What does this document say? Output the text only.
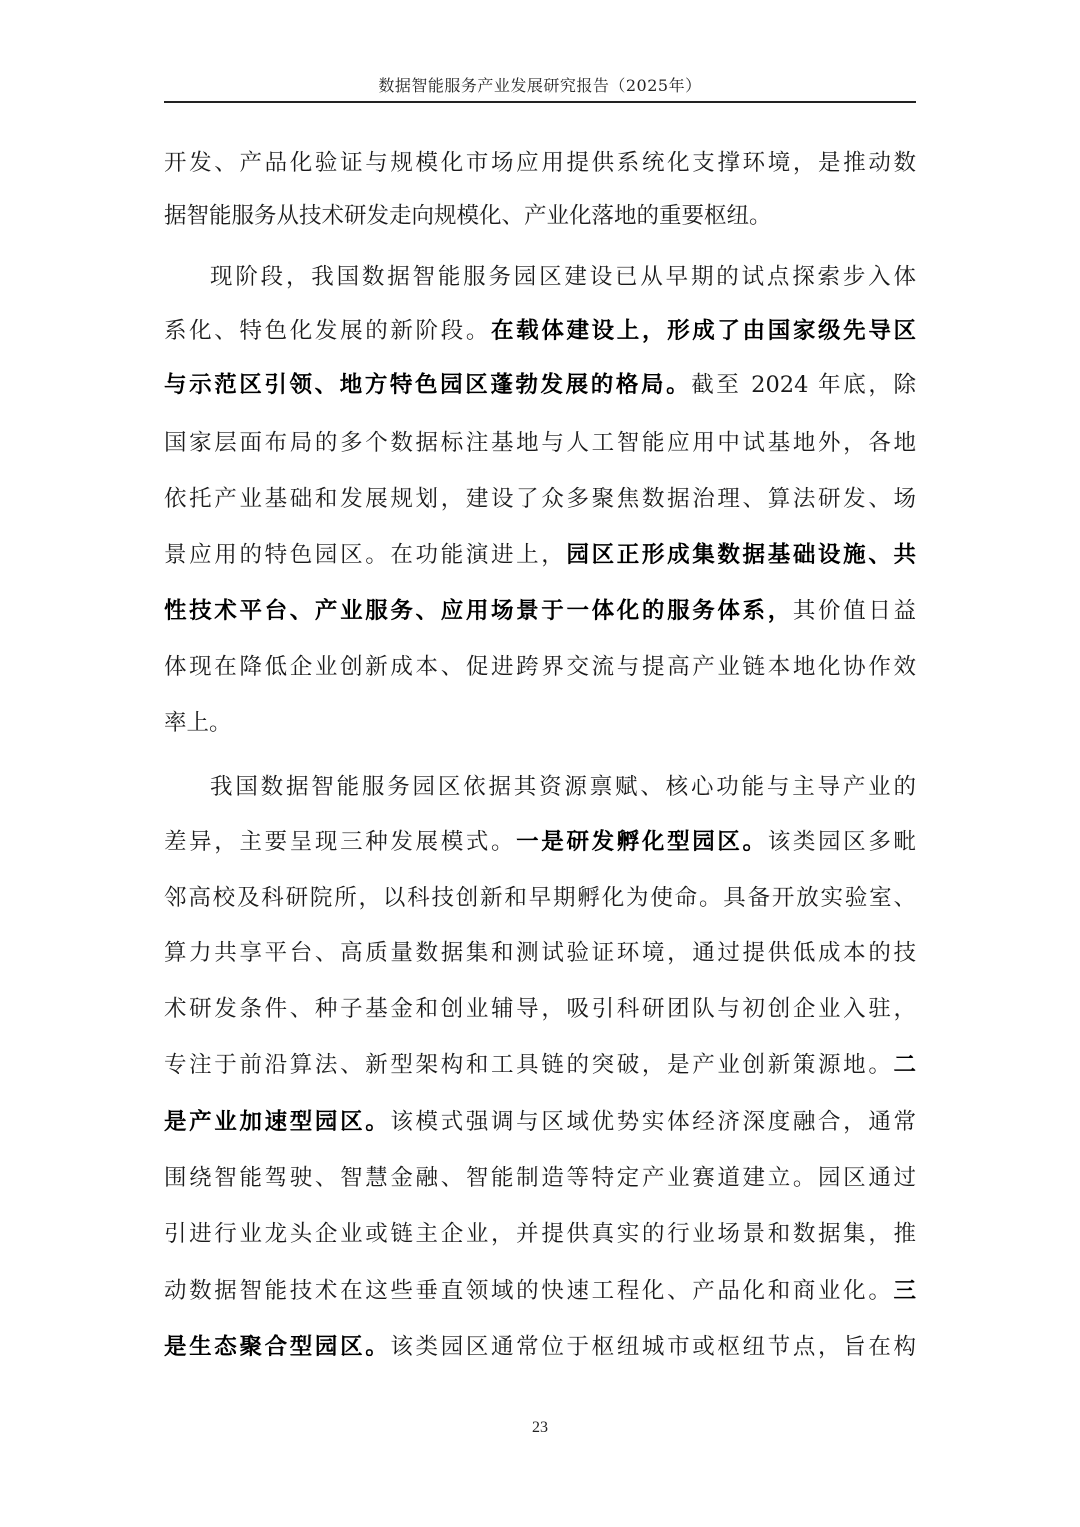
数据智能服务产业发展研究报告（2025年）
开发、产品化验证与规模化市场应用提供系统化支撑环境，是推动数
据智能服务从技术研发走向规模化、产业化落地的重要枢纽。
现阶段，我国数据智能服务园区建设已从早期的试点探索步入体
系化、特色化发展的新阶段。在载体建设上，形成了由国家级先导区
与示范区引领、地方特色园区蓬勃发展的格局。截至 2024 年底，除
国家层面布局的多个数据标注基地与人工智能应用中试基地外，各地
依托产业基础和发展规划，建设了众多聚焦数据治理、算法研发、场
景应用的特色园区。在功能演进上，园区正形成集数据基础设施、共
性技术平台、产业服务、应用场景于一体化的服务体系，其价值日益
体现在降低企业创新成本、促进跨界交流与提高产业链本地化协作效
率上。
我国数据智能服务园区依据其资源禀赋、核心功能与主导产业的
差异，主要呈现三种发展模式。一是研发孵化型园区。该类园区多毗
邻高校及科研院所，以科技创新和早期孵化为使命。具备开放实验室、
算力共享平台、高质量数据集和测试验证环境，通过提供低成本的技
术研发条件、种子基金和创业辅导，吸引科研团队与初创企业入驻，
专注于前沿算法、新型架构和工具链的突破，是产业创新策源地。二
是产业加速型园区。该模式强调与区域优势实体经济深度融合，通常
围绕智能驾驶、智慧金融、智能制造等特定产业赛道建立。园区通过
引进行业龙头企业或链主企业，并提供真实的行业场景和数据集，推
动数据智能技术在这些垂直领域的快速工程化、产品化和商业化。三
是生态聚合型园区。该类园区通常位于枢纽城市或枢纽节点，旨在构
23
